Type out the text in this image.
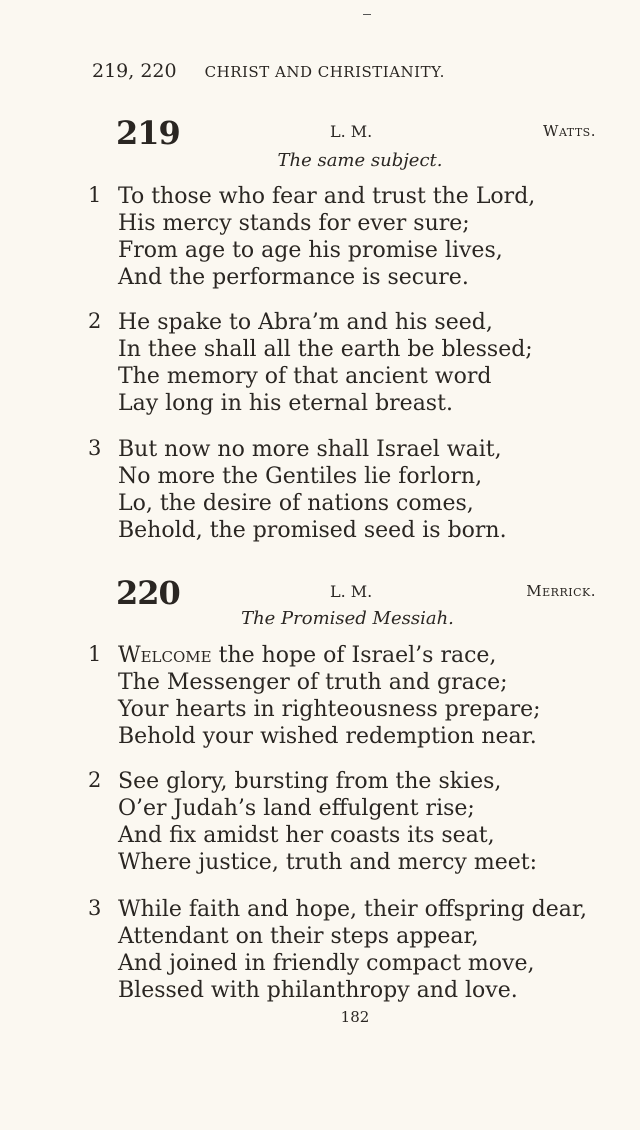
219, 220 CHRIST AND CHRISTIANITY.
219	L. M.	Watts.
The same subject.
1 To those who fear and trust the Lord,
His mercy stands for ever sure;
From age to age his promise lives,
And the performance is secure.
2 He spake to Abra’m and his seed,
In thee shall all the earth be blessed;
The memory of that ancient word
Lay long in his eternal breast.
3 But now no more shall Israel wait,
No more the Gentiles lie forlorn,
Lo, the desire of nations comes,
Behold, the promised seed is born.
220	L. M.	Merrick.
The Promised Messiah.
1 Welcome the hope of Israel’s race,
The Messenger of truth and grace;
Your hearts in righteousness prepare;
Behold your wished redemption near.
2 See glory, bursting from the skies,
O’er Judah’s land effulgent rise;
And fix amidst her coasts its seat,
Where justice, truth and mercy meet:
3 While faith and hope, their offspring dear,
Attendant on their steps appear,
And joined in friendly compact move,
Blessed with philanthropy and love.
182
